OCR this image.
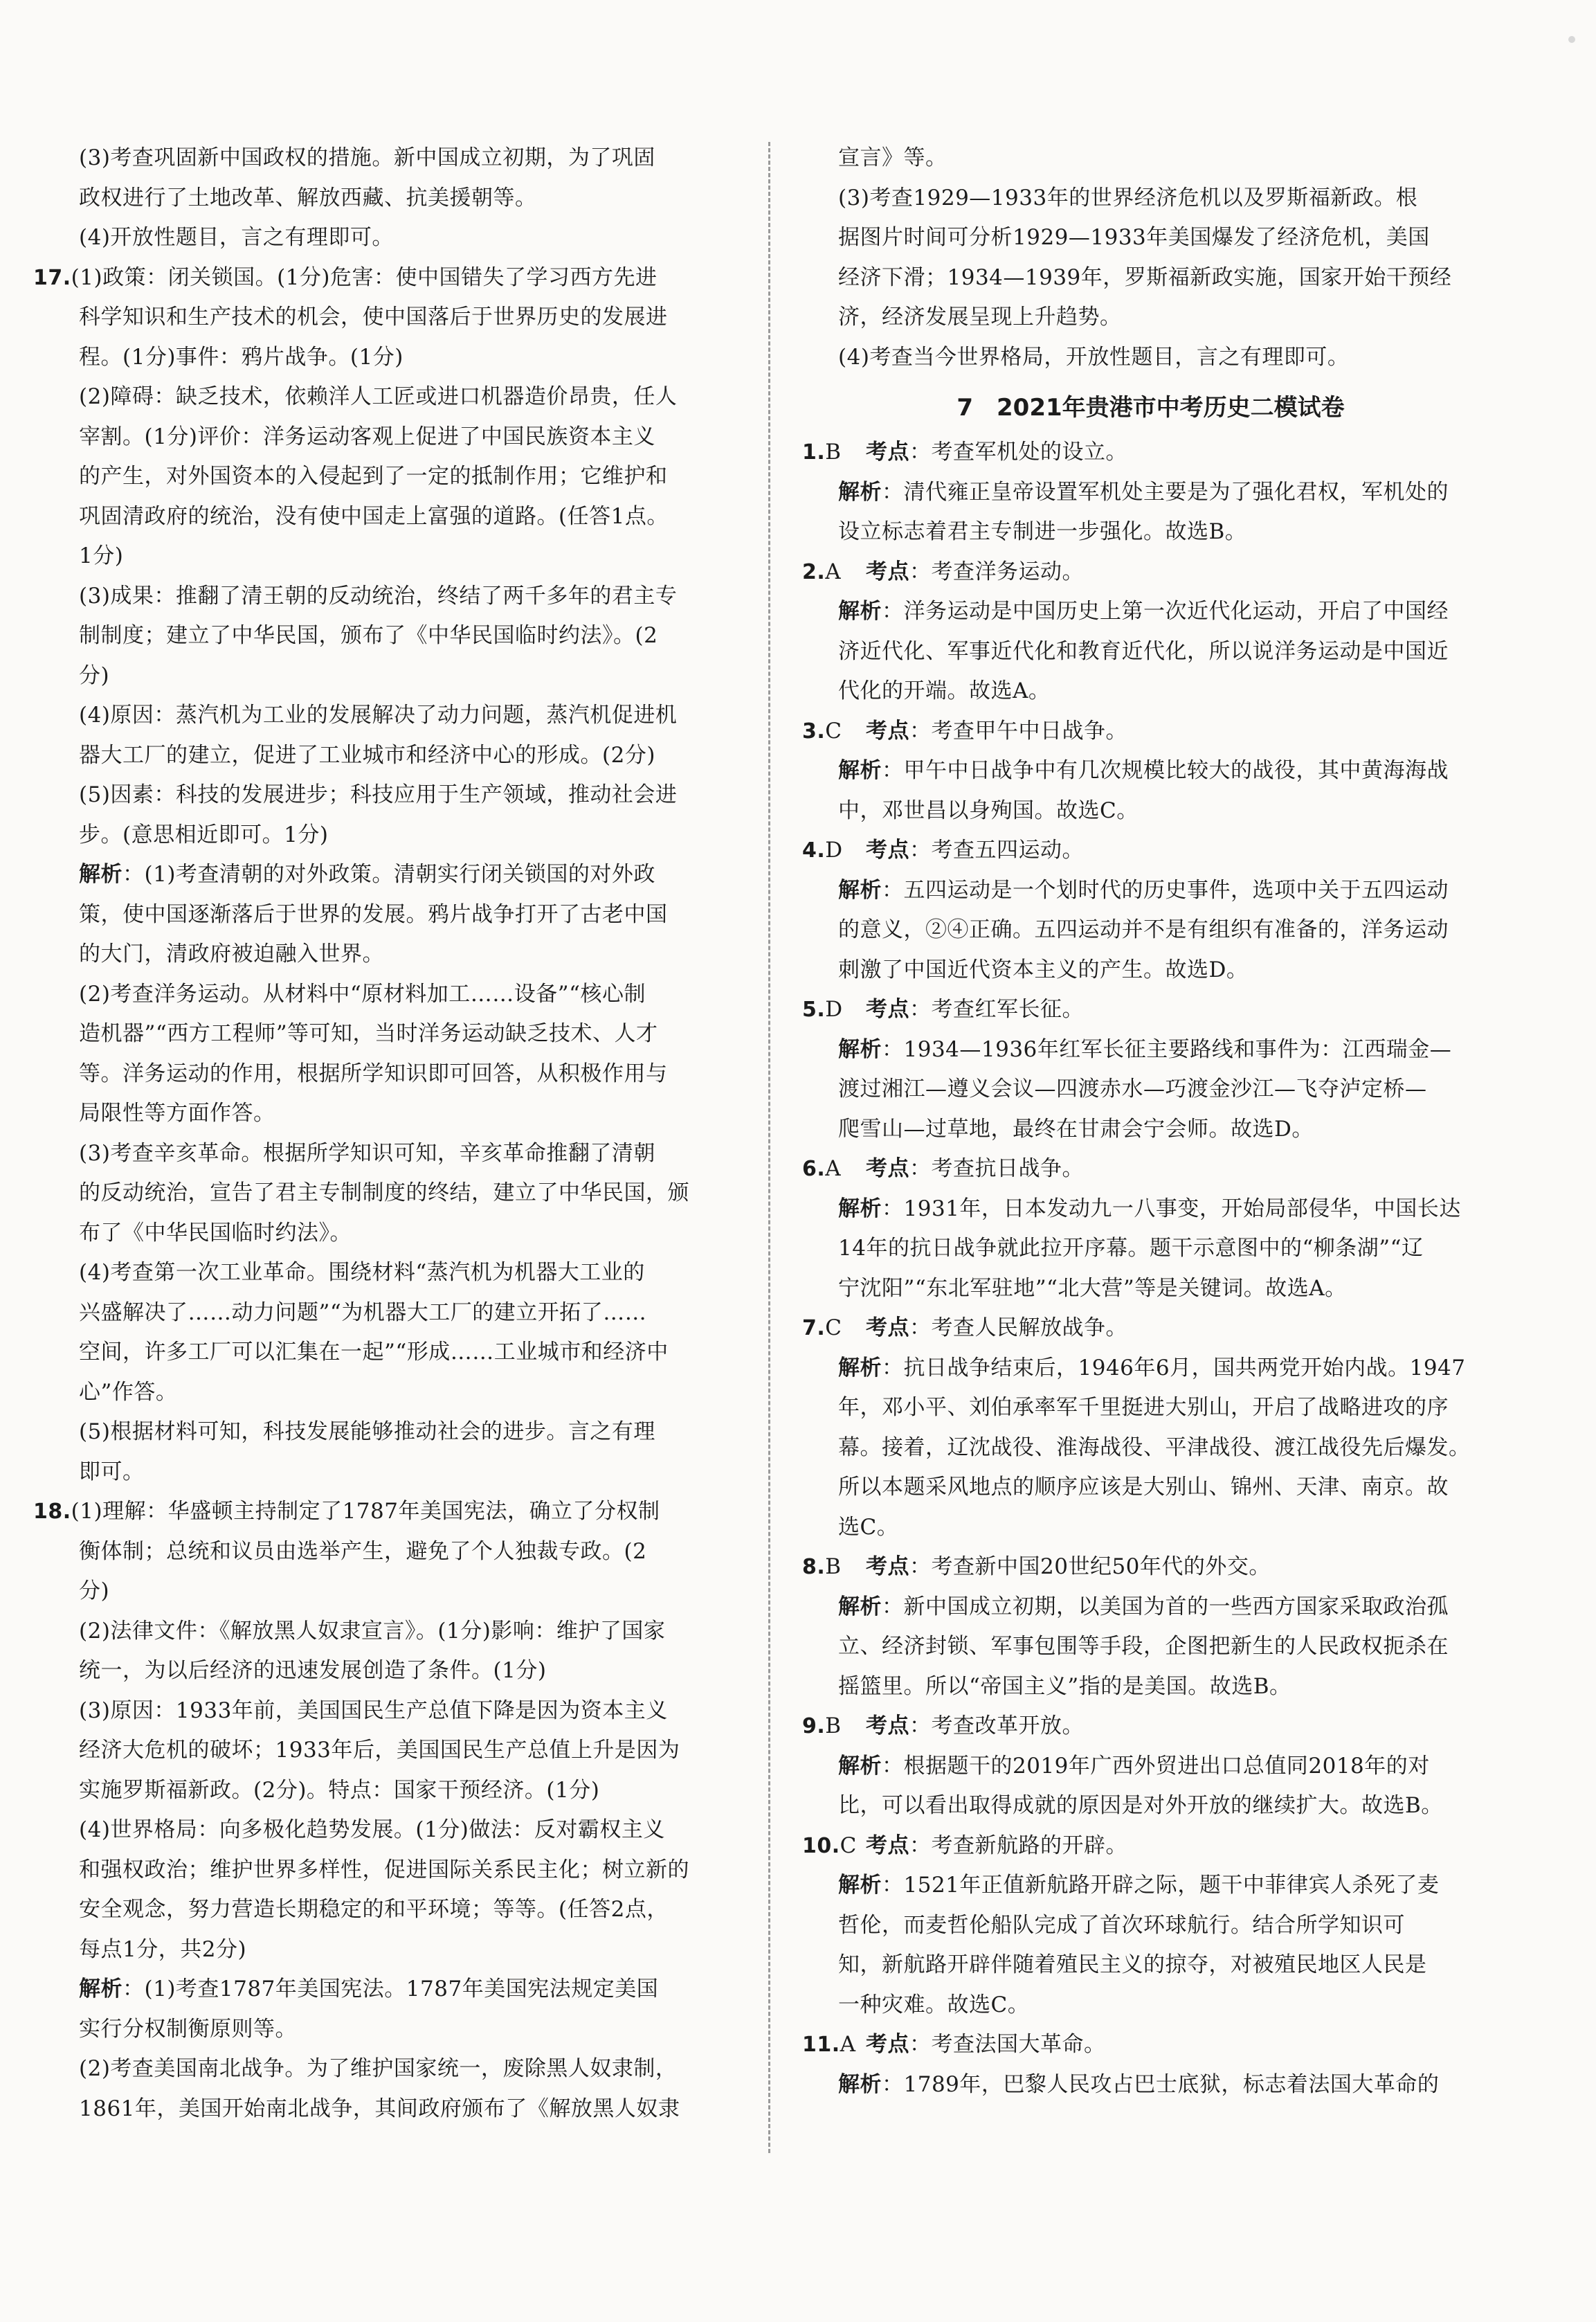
(3)考查巩固新中国政权的措施。新中国成立初期，为了巩固
政权进行了土地改革、解放西藏、抗美援朝等。
(4)开放性题目，言之有理即可。
17.(1)政策：闭关锁国。(1分)危害：使中国错失了学习西方先进
科学知识和生产技术的机会，使中国落后于世界历史的发展进
程。(1分)事件：鸦片战争。(1分)
(2)障碍：缺乏技术，依赖洋人工匠或进口机器造价昂贵，任人
宰割。(1分)评价：洋务运动客观上促进了中国民族资本主义
的产生，对外国资本的入侵起到了一定的抵制作用；它维护和
巩固清政府的统治，没有使中国走上富强的道路。(任答1点。
1分)
(3)成果：推翻了清王朝的反动统治，终结了两千多年的君主专
制制度；建立了中华民国，颁布了《中华民国临时约法》。(2
分)
(4)原因：蒸汽机为工业的发展解决了动力问题，蒸汽机促进机
器大工厂的建立，促进了工业城市和经济中心的形成。(2分)
(5)因素：科技的发展进步；科技应用于生产领域，推动社会进
步。(意思相近即可。1分)
解析：(1)考查清朝的对外政策。清朝实行闭关锁国的对外政
策，使中国逐渐落后于世界的发展。鸦片战争打开了古老中国
的大门，清政府被迫融入世界。
(2)考查洋务运动。从材料中“原材料加工……设备”“核心制
造机器”“西方工程师”等可知，当时洋务运动缺乏技术、人才
等。洋务运动的作用，根据所学知识即可回答，从积极作用与
局限性等方面作答。
(3)考查辛亥革命。根据所学知识可知，辛亥革命推翻了清朝
的反动统治，宣告了君主专制制度的终结，建立了中华民国，颁
布了《中华民国临时约法》。
(4)考查第一次工业革命。围绕材料“蒸汽机为机器大工业的
兴盛解决了……动力问题”“为机器大工厂的建立开拓了……
空间，许多工厂可以汇集在一起”“形成……工业城市和经济中
心”作答。
(5)根据材料可知，科技发展能够推动社会的进步。言之有理
即可。
18.(1)理解：华盛顿主持制定了1787年美国宪法，确立了分权制
衡体制；总统和议员由选举产生，避免了个人独裁专政。(2
分)
(2)法律文件：《解放黑人奴隶宣言》。(1分)影响：维护了国家
统一，为以后经济的迅速发展创造了条件。(1分)
(3)原因：1933年前，美国国民生产总值下降是因为资本主义
经济大危机的破坏；1933年后，美国国民生产总值上升是因为
实施罗斯福新政。(2分)。特点：国家干预经济。(1分)
(4)世界格局：向多极化趋势发展。(1分)做法：反对霸权主义
和强权政治；维护世界多样性，促进国际关系民主化；树立新的
安全观念，努力营造长期稳定的和平环境；等等。(任答2点，
每点1分，共2分)
解析：(1)考查1787年美国宪法。1787年美国宪法规定美国
实行分权制衡原则等。
(2)考查美国南北战争。为了维护国家统一，废除黑人奴隶制，
1861年，美国开始南北战争，其间政府颁布了《解放黑人奴隶
宣言》等。
(3)考查1929—1933年的世界经济危机以及罗斯福新政。根
据图片时间可分析1929—1933年美国爆发了经济危机，美国
经济下滑；1934—1939年，罗斯福新政实施，国家开始干预经
济，经济发展呈现上升趋势。
(4)考查当今世界格局，开放性题目，言之有理即可。
7　2021年贵港市中考历史二模试卷
1.B 考点：考查军机处的设立。
解析：清代雍正皇帝设置军机处主要是为了强化君权，军机处的
设立标志着君主专制进一步强化。故选B。
2.A 考点：考查洋务运动。
解析：洋务运动是中国历史上第一次近代化运动，开启了中国经
济近代化、军事近代化和教育近代化，所以说洋务运动是中国近
代化的开端。故选A。
3.C 考点：考查甲午中日战争。
解析：甲午中日战争中有几次规模比较大的战役，其中黄海海战
中，邓世昌以身殉国。故选C。
4.D 考点：考查五四运动。
解析：五四运动是一个划时代的历史事件，选项中关于五四运动
的意义，②④正确。五四运动并不是有组织有准备的，洋务运动
刺激了中国近代资本主义的产生。故选D。
5.D 考点：考查红军长征。
解析：1934—1936年红军长征主要路线和事件为：江西瑞金—
渡过湘江—遵义会议—四渡赤水—巧渡金沙江—飞夺泸定桥—
爬雪山—过草地，最终在甘肃会宁会师。故选D。
6.A 考点：考查抗日战争。
解析：1931年，日本发动九一八事变，开始局部侵华，中国长达
14年的抗日战争就此拉开序幕。题干示意图中的“柳条湖”“辽
宁沈阳”“东北军驻地”“北大营”等是关键词。故选A。
7.C 考点：考查人民解放战争。
解析：抗日战争结束后，1946年6月，国共两党开始内战。1947
年，邓小平、刘伯承率军千里挺进大别山，开启了战略进攻的序
幕。接着，辽沈战役、淮海战役、平津战役、渡江战役先后爆发。
所以本题采风地点的顺序应该是大别山、锦州、天津、南京。故
选C。
8.B 考点：考查新中国20世纪50年代的外交。
解析：新中国成立初期，以美国为首的一些西方国家采取政治孤
立、经济封锁、军事包围等手段，企图把新生的人民政权扼杀在
摇篮里。所以“帝国主义”指的是美国。故选B。
9.B 考点：考查改革开放。
解析：根据题干的2019年广西外贸进出口总值同2018年的对
比，可以看出取得成就的原因是对外开放的继续扩大。故选B。
10.C 考点：考查新航路的开辟。
解析：1521年正值新航路开辟之际，题干中菲律宾人杀死了麦
哲伦，而麦哲伦船队完成了首次环球航行。结合所学知识可
知，新航路开辟伴随着殖民主义的掠夺，对被殖民地区人民是
一种灾难。故选C。
11.A 考点：考查法国大革命。
解析：1789年，巴黎人民攻占巴士底狱，标志着法国大革命的
